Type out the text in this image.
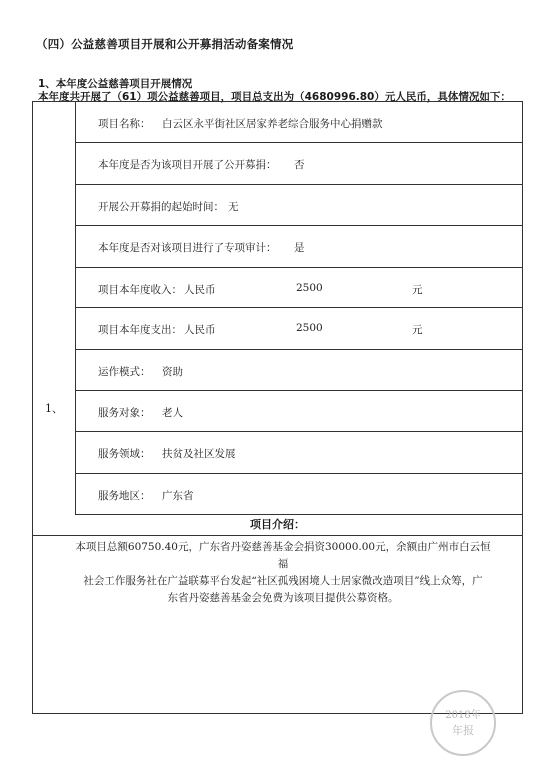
（四）公益慈善项目开展和公开募捐活动备案情况
1、本年度公益慈善项目开展情况
本年度共开展了（61）项公益慈善项目，项目总支出为（4680996.80）元人民币，具体情况如下：
1、
项目名称： 白云区永平街社区居家养老综合服务中心捐赠款
本年度是否为该项目开展了公开募捐： 否
开展公开募捐的起始时间： 无
本年度是否对该项目进行了专项审计： 是
项目本年度收入： 人民币	2500	元
项目本年度支出： 人民币	2500	元
运作模式： 资助
服务对象： 老人
服务领域： 扶贫及社区发展
服务地区： 广东省
项目介绍：
本项目总额60750.40元，广东省丹姿慈善基金会捐资30000.00元，余额由广州市白云恒福
社会工作服务社在广益联募平台发起“社区孤残困境人士居家微改造项目”线上众筹，广
东省丹姿慈善基金会免费为该项目提供公募资格。
2018年
年报
